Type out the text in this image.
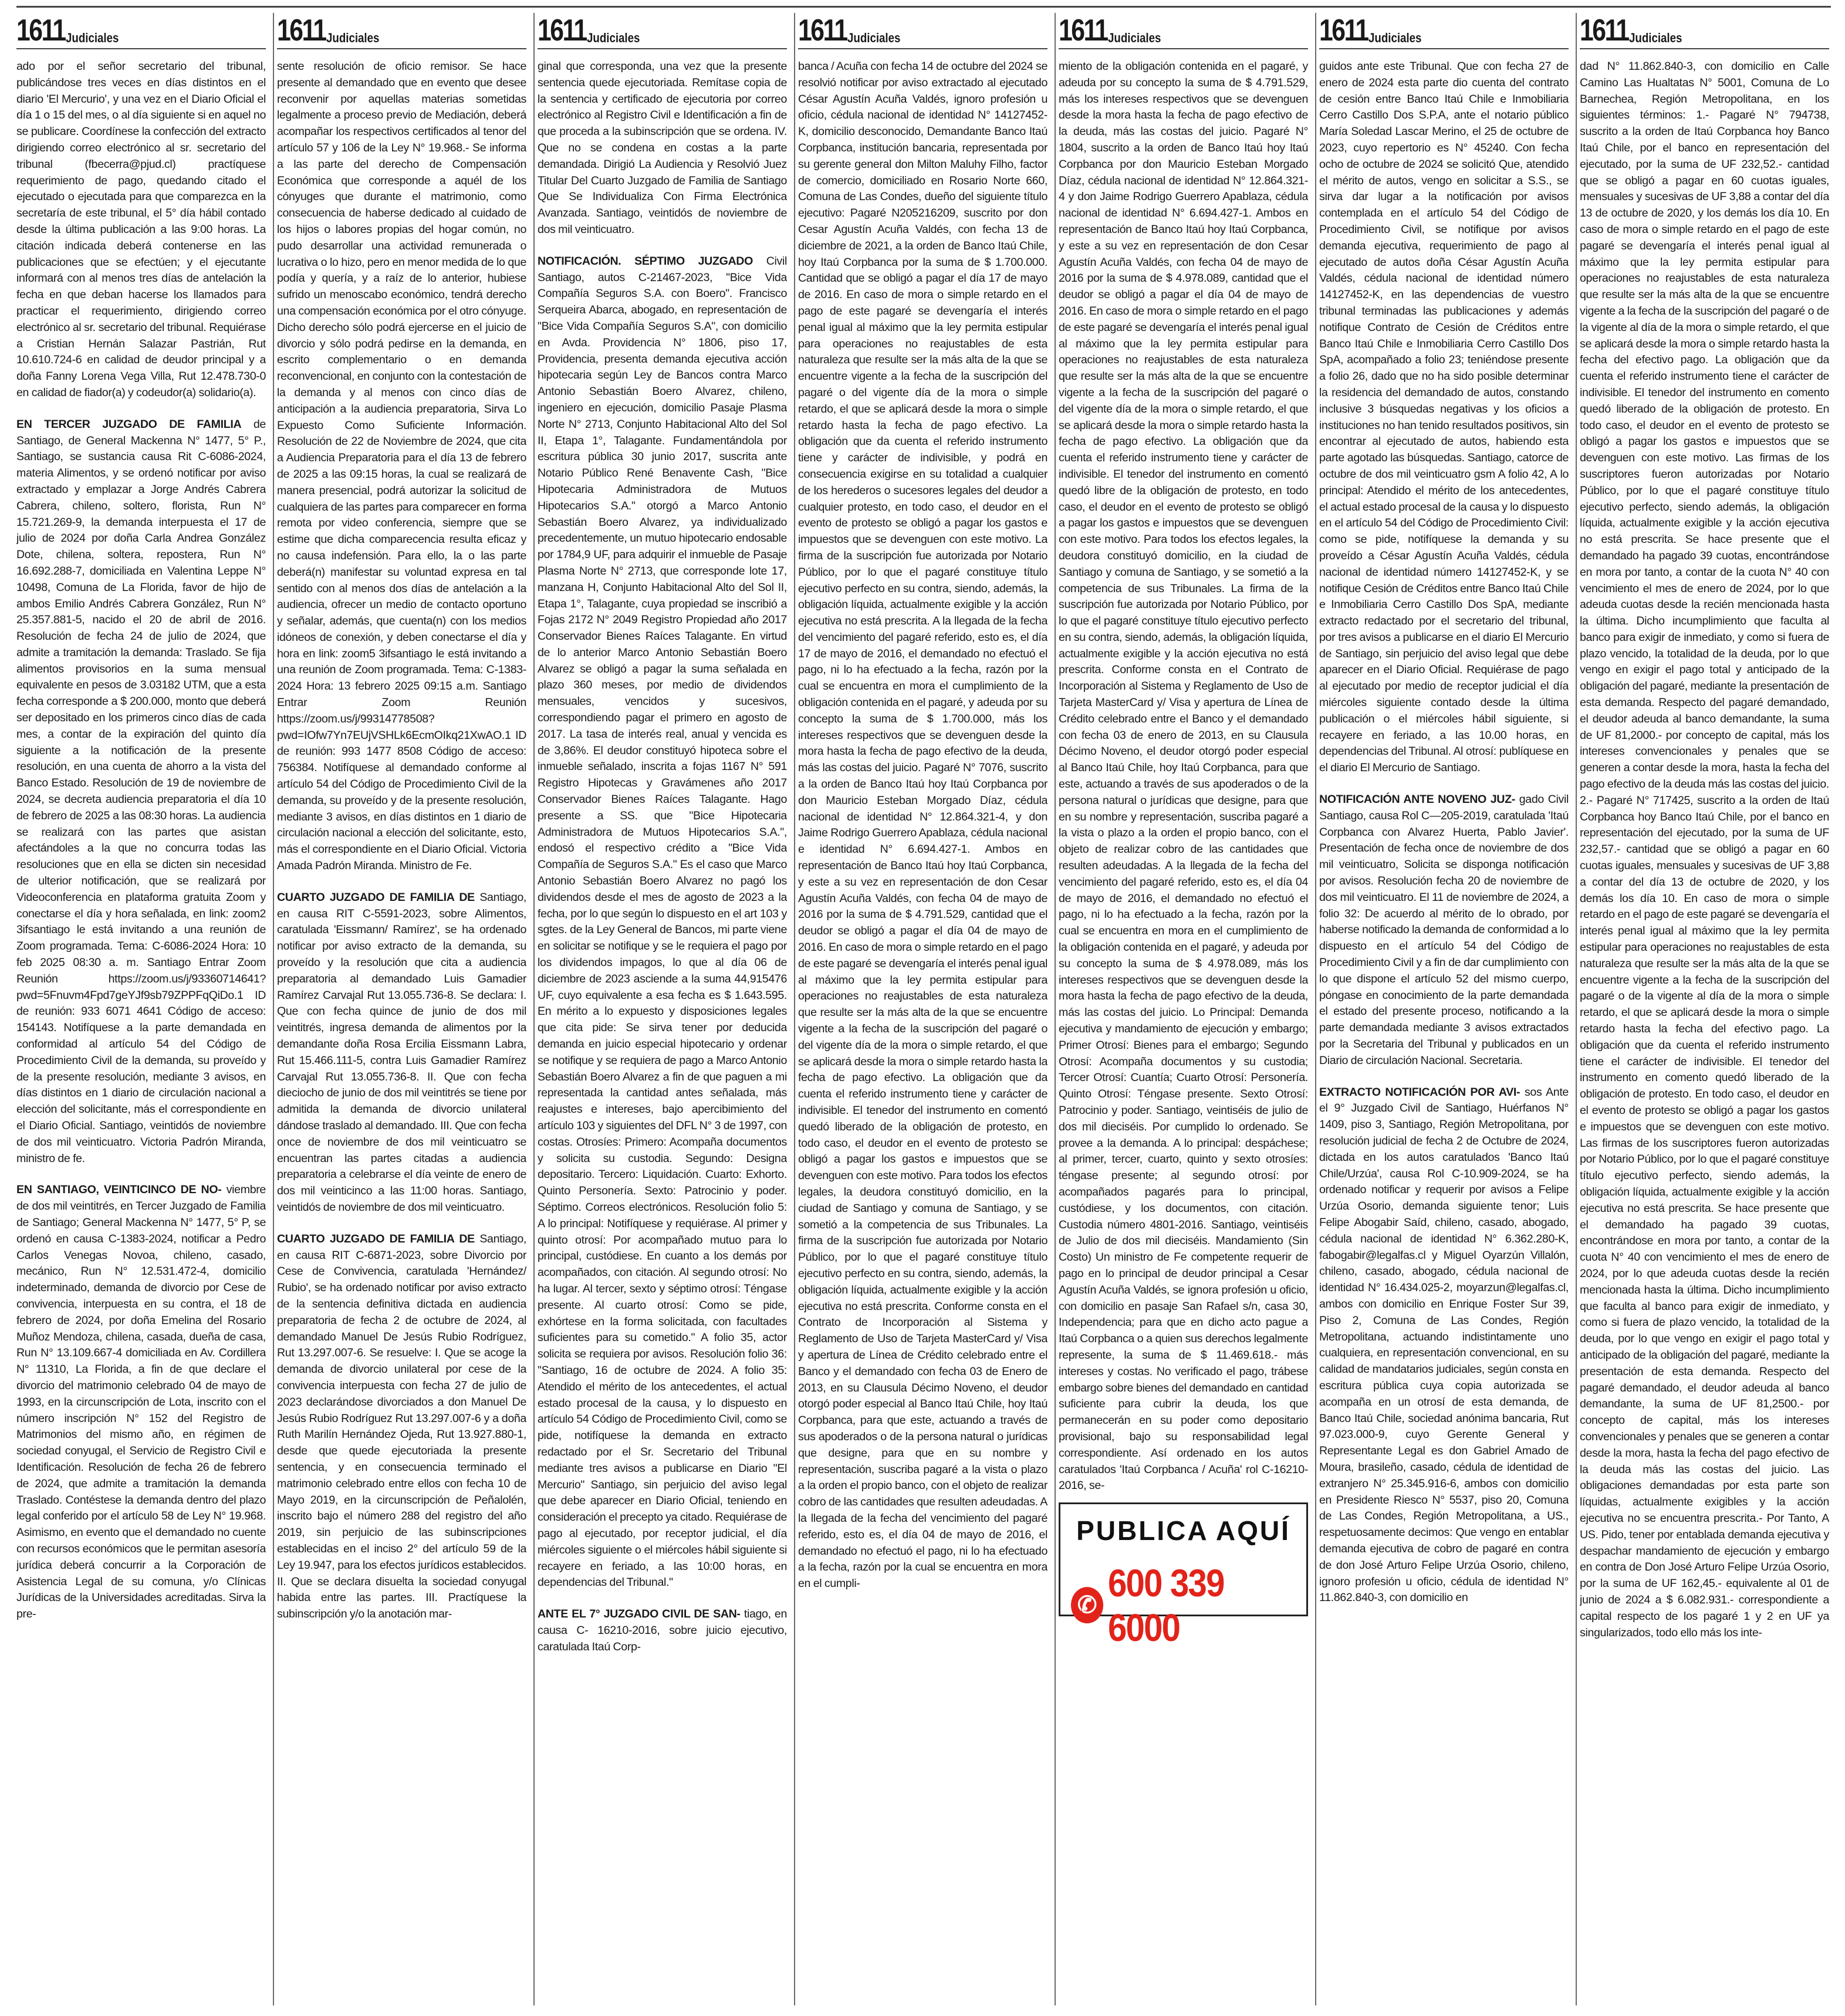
1611 Judiciales

ado por el señor secretario del tribunal, publicándose tres veces en días distintos en el diario 'El Mercurio', y una vez en el Diario Oficial el día 1 o 15 del mes, o al día siguiente si en aquel no se publicare. Coordínese la confección del extracto dirigiendo correo electrónico al sr. secretario del tribunal (fbecerra@pjud.cl) practíquese requerimiento de pago, quedando citado el ejecutado o ejecutada para que comparezca en la secretaría de este tribunal, el 5° día hábil contado desde la última publicación a las 9:00 horas. La citación indicada deberá contenerse en las publicaciones que se efectúen; y el ejecutante informará con al menos tres días de antelación la fecha en que deban hacerse los llamados para practicar el requerimiento, dirigiendo correo electrónico al sr. secretario del tribunal. Requiérase a Cristian Hernán Salazar Pastrián, Rut 10.610.724-6 en calidad de deudor principal y a doña Fanny Lorena Vega Villa, Rut 12.478.730-0 en calidad de fiador(a) y codeudor(a) solidario(a).

EN TERCER JUZGADO DE FAMILIA de Santiago, de General Mackenna N° 1477, 5° P., Santiago, se sustancia causa Rit C-6086-2024, materia Alimentos, y se ordenó notificar por aviso extractado y emplazar a Jorge Andrés Cabrera Cabrera, chileno, soltero, florista, Run N° 15.721.269-9, la demanda interpuesta el 17 de julio de 2024 por doña Carla Andrea González Dote, chilena, soltera, repostera, Run N° 16.692.288-7, domiciliada en Valentina Leppe N° 10498, Comuna de La Florida, favor de hijo de ambos Emilio Andrés Cabrera González, Run N° 25.357.881-5, nacido el 20 de abril de 2016. Resolución de fecha 24 de julio de 2024, que admite a tramitación la demanda: Traslado. Se fija alimentos provisorios en la suma mensual equivalente en pesos de 3.03182 UTM, que a esta fecha corresponde a $ 200.000, monto que deberá ser depositado en los primeros cinco días de cada mes, a contar de la expiración del quinto día siguiente a la notificación de la presente resolución, en una cuenta de ahorro a la vista del Banco Estado. Resolución de 19 de noviembre de 2024, se decreta audiencia preparatoria el día 10 de febrero de 2025 a las 08:30 horas. La audiencia se realizará con las partes que asistan afectándoles a la que no concurra todas las resoluciones que en ella se dicten sin necesidad de ulterior notificación, que se realizará por Videoconferencia en plataforma gratuita Zoom y conectarse el día y hora señalada, en link: zoom2 3ifsantiago le está invitando a una reunión de Zoom programada. Tema: C-6086-2024 Hora: 10 feb 2025 08:30 a. m. Santiago Entrar Zoom Reunión https://zoom.us/j/93360714641?pwd=5Fnuvm4Fpd7geYJf9sb79ZPPFqQiDo.1 ID de reunión: 933 6071 4641 Código de acceso: 154143. Notifíquese a la parte demandada en conformidad al artículo 54 del Código de Procedimiento Civil de la demanda, su proveído y de la presente resolución, mediante 3 avisos, en días distintos en 1 diario de circulación nacional a elección del solicitante, más el correspondiente en el Diario Oficial. Santiago, veintidós de noviembre de dos mil veinticuatro. Victoria Padrón Miranda, ministro de fe.

EN SANTIAGO, VEINTICINCO DE NO- viembre de dos mil veintitrés, en Tercer Juzgado de Familia de Santiago; General Mackenna N° 1477, 5° P, se ordenó en causa C-1383-2024, notificar a Pedro Carlos Venegas Novoa, chileno, casado, mecánico, Run N° 12.531.472-4, domicilio indeterminado, demanda de divorcio por Cese de convivencia, interpuesta en su contra, el 18 de febrero de 2024, por doña Emelina del Rosario Muñoz Mendoza, chilena, casada, dueña de casa, Run N° 13.109.667-4 domiciliada en Av. Cordillera N° 11310, La Florida, a fin de que declare el divorcio del matrimonio celebrado 04 de mayo de 1993, en la circunscripción de Lota, inscrito con el número inscripción N° 152 del Registro de Matrimonios del mismo año, en régimen de sociedad conyugal, el Servicio de Registro Civil e Identificación. Resolución de fecha 26 de febrero de 2024, que admite a tramitación la demanda Traslado. Contéstese la demanda dentro del plazo legal conferido por el artículo 58 de Ley N° 19.968. Asimismo, en evento que el demandado no cuente con recursos económicos que le permitan asesoría jurídica deberá concurrir a la Corporación de Asistencia Legal de su comuna, y/o Clínicas Jurídicas de la Universidades acreditadas. Sirva la pre-

1611 Judiciales

sente resolución de oficio remisor. Se hace presente al demandado que en evento que desee reconvenir por aquellas materias sometidas legalmente a proceso previo de Mediación, deberá acompañar los respectivos certificados al tenor del artículo 57 y 106 de la Ley N° 19.968.- Se informa a las parte del derecho de Compensación Económica que corresponde a aquél de los cónyuges que durante el matrimonio, como consecuencia de haberse dedicado al cuidado de los hijos o labores propias del hogar común, no pudo desarrollar una actividad remunerada o lucrativa o lo hizo, pero en menor medida de lo que podía y quería, y a raíz de lo anterior, hubiese sufrido un menoscabo económico, tendrá derecho una compensación económica por el otro cónyuge. Dicho derecho sólo podrá ejercerse en el juicio de divorcio y sólo podrá pedirse en la demanda, en escrito complementario o en demanda reconvencional, en conjunto con la contestación de la demanda y al menos con cinco días de anticipación a la audiencia preparatoria, Sirva Lo Expuesto Como Suficiente Información. Resolución de 22 de Noviembre de 2024, que cita a Audiencia Preparatoria para el día 13 de febrero de 2025 a las 09:15 horas, la cual se realizará de manera presencial, podrá autorizar la solicitud de cualquiera de las partes para comparecer en forma remota por video conferencia, siempre que se estime que dicha comparecencia resulta eficaz y no causa indefensión. Para ello, la o las parte deberá(n) manifestar su voluntad expresa en tal sentido con al menos dos días de antelación a la audiencia, ofrecer un medio de contacto oportuno y señalar, además, que cuenta(n) con los medios idóneos de conexión, y deben conectarse el día y hora en link: zoom5 3ifsantiago le está invitando a una reunión de Zoom programada. Tema: C-1383-2024 Hora: 13 febrero 2025 09:15 a.m. Santiago Entrar Zoom Reunión https://zoom.us/j/99314778508?pwd=IOfw7Yn7EUjVSHLk6EcmOIkq21XwAO.1 ID de reunión: 993 1477 8508 Código de acceso: 756384. Notifíquese al demandado conforme al artículo 54 del Código de Procedimiento Civil de la demanda, su proveído y de la presente resolución, mediante 3 avisos, en días distintos en 1 diario de circulación nacional a elección del solicitante, esto, más el correspondiente en el Diario Oficial. Victoria Amada Padrón Miranda. Ministro de Fe.

CUARTO JUZGADO DE FAMILIA DE Santiago, en causa RIT C-5591-2023, sobre Alimentos, caratulada 'Eissmann/ Ramírez', se ha ordenado notificar por aviso extracto de la demanda, su proveído y la resolución que cita a audiencia preparatoria al demandado Luis Gamadier Ramírez Carvajal Rut 13.055.736-8. Se declara: I. Que con fecha quince de junio de dos mil veintitrés, ingresa demanda de alimentos por la demandante doña Rosa Ercilia Eissmann Labra, Rut 15.466.111-5, contra Luis Gamadier Ramírez Carvajal Rut 13.055.736-8. II. Que con fecha dieciocho de junio de dos mil veintitrés se tiene por admitida la demanda de divorcio unilateral dándose traslado al demandado. III. Que con fecha once de noviembre de dos mil veinticuatro se encuentran las partes citadas a audiencia preparatoria a celebrarse el día veinte de enero de dos mil veinticinco a las 11:00 horas. Santiago, veintidós de noviembre de dos mil veinticuatro.

CUARTO JUZGADO DE FAMILIA DE Santiago, en causa RIT C-6871-2023, sobre Divorcio por Cese de Convivencia, caratulada 'Hernández/ Rubio', se ha ordenado notificar por aviso extracto de la sentencia definitiva dictada en audiencia preparatoria de fecha 2 de octubre de 2024, al demandado Manuel De Jesús Rubio Rodríguez, Rut 13.297.007-6. Se resuelve: I. Que se acoge la demanda de divorcio unilateral por cese de la convivencia interpuesta con fecha 27 de julio de 2023 declarándose divorciados a don Manuel De Jesús Rubio Rodríguez Rut 13.297.007-6 y a doña Ruth Marilín Hernández Ojeda, Rut 13.927.880-1, desde que quede ejecutoriada la presente sentencia, y en consecuencia terminado el matrimonio celebrado entre ellos con fecha 10 de Mayo 2019, en la circunscripción de Peñalolén, inscrito bajo el número 288 del registro del año 2019, sin perjuicio de las subinscripciones establecidas en el inciso 2° del artículo 59 de la Ley 19.947, para los efectos jurídicos establecidos. II. Que se declara disuelta la sociedad conyugal habida entre las partes. III. Practíquese la subinscripción y/o la anotación mar-

1611 Judiciales

ginal que corresponda, una vez que la presente sentencia quede ejecutoriada. Remítase copia de la sentencia y certificado de ejecutoria por correo electrónico al Registro Civil e Identificación a fin de que proceda a la subinscripción que se ordena. IV. Que no se condena en costas a la parte demandada. Dirigió La Audiencia y Resolvió Juez Titular Del Cuarto Juzgado de Familia de Santiago Que Se Individualiza Con Firma Electrónica Avanzada. Santiago, veintidós de noviembre de dos mil veinticuatro.

NOTIFICACIÓN. SÉPTIMO JUZGADO Civil Santiago, autos C-21467-2023, "Bice Vida Compañía Seguros S.A. con Boero". Francisco Serqueira Abarca, abogado, en representación de "Bice Vida Compañía Seguros S.A", con domicilio en Avda. Providencia N° 1806, piso 17, Providencia, presenta demanda ejecutiva acción hipotecaria según Ley de Bancos contra Marco Antonio Sebastián Boero Alvarez, chileno, ingeniero en ejecución, domicilio Pasaje Plasma Norte N° 2713, Conjunto Habitacional Alto del Sol II, Etapa 1°, Talagante. Fundamentándola por escritura pública 30 junio 2017, suscrita ante Notario Público René Benavente Cash, "Bice Hipotecaria Administradora de Mutuos Hipotecarios S.A." otorgó a Marco Antonio Sebastián Boero Alvarez, ya individualizado precedentemente, un mutuo hipotecario endosable por 1784,9 UF, para adquirir el inmueble de Pasaje Plasma Norte N° 2713, que corresponde lote 17, manzana H, Conjunto Habitacional Alto del Sol II, Etapa 1°, Talagante, cuya propiedad se inscribió a Fojas 2172 N° 2049 Registro Propiedad año 2017 Conservador Bienes Raíces Talagante. En virtud de lo anterior Marco Antonio Sebastián Boero Alvarez se obligó a pagar la suma señalada en plazo 360 meses, por medio de dividendos mensuales, vencidos y sucesivos, correspondiendo pagar el primero en agosto de 2017. La tasa de interés real, anual y vencida es de 3,86%. El deudor constituyó hipoteca sobre el inmueble señalado, inscrita a fojas 1167 N° 591 Registro Hipotecas y Gravámenes año 2017 Conservador Bienes Raíces Talagante. Hago presente a SS. que "Bice Hipotecaria Administradora de Mutuos Hipotecarios S.A.", endosó el respectivo crédito a "Bice Vida Compañía de Seguros S.A." Es el caso que Marco Antonio Sebastián Boero Alvarez no pagó los dividendos desde el mes de agosto de 2023 a la fecha, por lo que según lo dispuesto en el art 103 y sgtes. de la Ley General de Bancos, mi parte viene en solicitar se notifique y se le requiera el pago por los dividendos impagos, lo que al día 06 de diciembre de 2023 asciende a la suma 44,915476 UF, cuyo equivalente a esa fecha es $ 1.643.595. En mérito a lo expuesto y disposiciones legales que cita pide: Se sirva tener por deducida demanda en juicio especial hipotecario y ordenar se notifique y se requiera de pago a Marco Antonio Sebastián Boero Alvarez a fin de que paguen a mi representada la cantidad antes señalada, más reajustes e intereses, bajo apercibimiento del artículo 103 y siguientes del DFL N° 3 de 1997, con costas. Otrosíes: Primero: Acompaña documentos y solicita su custodia. Segundo: Designa depositario. Tercero: Liquidación. Cuarto: Exhorto. Quinto Personería. Sexto: Patrocinio y poder. Séptimo. Correos electrónicos. Resolución folio 5: A lo principal: Notifíquese y requiérase. Al primer y quinto otrosí: Por acompañado mutuo para lo principal, custódiese. En cuanto a los demás por acompañados, con citación. Al segundo otrosí: No ha lugar. Al tercer, sexto y séptimo otrosí: Téngase presente. Al cuarto otrosí: Como se pide, exhórtese en la forma solicitada, con facultades suficientes para su cometido." A folio 35, actor solicita se requiera por avisos. Resolución folio 36: "Santiago, 16 de octubre de 2024. A folio 35: Atendido el mérito de los antecedentes, el actual estado procesal de la causa, y lo dispuesto en artículo 54 Código de Procedimiento Civil, como se pide, notifíquese la demanda en extracto redactado por el Sr. Secretario del Tribunal mediante tres avisos a publicarse en Diario "El Mercurio" Santiago, sin perjuicio del aviso legal que debe aparecer en Diario Oficial, teniendo en consideración el precepto ya citado. Requiérase de pago al ejecutado, por receptor judicial, el día miércoles siguiente o el miércoles hábil siguiente si recayere en feriado, a las 10:00 horas, en dependencias del Tribunal."

ANTE EL 7° JUZGADO CIVIL DE SAN- tiago, en causa C- 16210-2016, sobre juicio ejecutivo, caratulada Itaú Corp-

1611 Judiciales

banca / Acuña con fecha 14 de octubre del 2024 se resolvió notificar por aviso extractado al ejecutado César Agustín Acuña Valdés, ignoro profesión u oficio, cédula nacional de identidad N° 14127452-K, domicilio desconocido, Demandante Banco Itaú Corpbanca, institución bancaria, representada por su gerente general don Milton Maluhy Filho, factor de comercio, domiciliado en Rosario Norte 660, Comuna de Las Condes, dueño del siguiente título ejecutivo: Pagaré N205216209, suscrito por don Cesar Agustín Acuña Valdés, con fecha 13 de diciembre de 2021, a la orden de Banco Itaú Chile, hoy Itaú Corpbanca por la suma de $ 1.700.000. Cantidad que se obligó a pagar el día 17 de mayo de 2016. En caso de mora o simple retardo en el pago de este pagaré se devengaría el interés penal igual al máximo que la ley permita estipular para operaciones no reajustables de esta naturaleza que resulte ser la más alta de la que se encuentre vigente a la fecha de la suscripción del pagaré o del vigente día de la mora o simple retardo, el que se aplicará desde la mora o simple retardo hasta la fecha de pago efectivo. La obligación que da cuenta el referido instrumento tiene y carácter de indivisible, y podrá en consecuencia exigirse en su totalidad a cualquier de los herederos o sucesores legales del deudor a cualquier protesto, en todo caso, el deudor en el evento de protesto se obligó a pagar los gastos e impuestos que se devenguen con este motivo. La firma de la suscripción fue autorizada por Notario Público, por lo que el pagaré constituye título ejecutivo perfecto en su contra, siendo, además, la obligación líquida, actualmente exigible y la acción ejecutiva no está prescrita. A la llegada de la fecha del vencimiento del pagaré referido, esto es, el día 17 de mayo de 2016, el demandado no efectuó el pago, ni lo ha efectuado a la fecha, razón por la cual se encuentra en mora el cumplimiento de la obligación contenida en el pagaré, y adeuda por su concepto la suma de $ 1.700.000, más los intereses respectivos que se devenguen desde la mora hasta la fecha de pago efectivo de la deuda, más las costas del juicio. Pagaré N° 7076, suscrito a la orden de Banco Itaú hoy Itaú Corpbanca por don Mauricio Esteban Morgado Díaz, cédula nacional de identidad N° 12.864.321-4, y don Jaime Rodrigo Guerrero Apablaza, cédula nacional e identidad N° 6.694.427-1. Ambos en representación de Banco Itaú hoy Itaú Corpbanca, y este a su vez en representación de don Cesar Agustín Acuña Valdés, con fecha 04 de mayo de 2016 por la suma de $ 4.791.529, cantidad que el deudor se obligó a pagar el día 04 de mayo de 2016. En caso de mora o simple retardo en el pago de este pagaré se devengaría el interés penal igual al máximo que la ley permita estipular para operaciones no reajustables de esta naturaleza que resulte ser la más alta de la que se encuentre vigente a la fecha de la suscripción del pagaré o del vigente día de la mora o simple retardo, el que se aplicará desde la mora o simple retardo hasta la fecha de pago efectivo. La obligación que da cuenta el referido instrumento tiene y carácter de indivisible. El tenedor del instrumento en comentó quedó liberado de la obligación de protesto, en todo caso, el deudor en el evento de protesto se obligó a pagar los gastos e impuestos que se devenguen con este motivo. Para todos los efectos legales, la deudora constituyó domicilio, en la ciudad de Santiago y comuna de Santiago, y se sometió a la competencia de sus Tribunales. La firma de la suscripción fue autorizada por Notario Público, por lo que el pagaré constituye título ejecutivo perfecto en su contra, siendo, además, la obligación líquida, actualmente exigible y la acción ejecutiva no está prescrita. Conforme consta en el Contrato de Incorporación al Sistema y Reglamento de Uso de Tarjeta MasterCard y/ Visa y apertura de Línea de Crédito celebrado entre el Banco y el demandado con fecha 03 de Enero de 2013, en su Clausula Décimo Noveno, el deudor otorgó poder especial al Banco Itaú Chile, hoy Itaú Corpbanca, para que este, actuando a través de sus apoderados o de la persona natural o jurídicas que designe, para que en su nombre y representación, suscriba pagaré a la vista o plazo a la orden el propio banco, con el objeto de realizar cobro de las cantidades que resulten adeudadas. A la llegada de la fecha del vencimiento del pagaré referido, esto es, el día 04 de mayo de 2016, el demandado no efectuó el pago, ni lo ha efectuado a la fecha, razón por la cual se encuentra en mora en el cumpli-

1611 Judiciales

miento de la obligación contenida en el pagaré, y adeuda por su concepto la suma de $ 4.791.529, más los intereses respectivos que se devenguen desde la mora hasta la fecha de pago efectivo de la deuda, más las costas del juicio. Pagaré N° 1804, suscrito a la orden de Banco Itaú hoy Itaú Corpbanca por don Mauricio Esteban Morgado Díaz, cédula nacional de identidad N° 12.864.321-4 y don Jaime Rodrigo Guerrero Apablaza, cédula nacional de identidad N° 6.694.427-1. Ambos en representación de Banco Itaú hoy Itaú Corpbanca, y este a su vez en representación de don Cesar Agustín Acuña Valdés, con fecha 04 de mayo de 2016 por la suma de $ 4.978.089, cantidad que el deudor se obligó a pagar el día 04 de mayo de 2016. En caso de mora o simple retardo en el pago de este pagaré se devengaría el interés penal igual al máximo que la ley permita estipular para operaciones no reajustables de esta naturaleza que resulte ser la más alta de la que se encuentre vigente a la fecha de la suscripción del pagaré o del vigente día de la mora o simple retardo, el que se aplicará desde la mora o simple retardo hasta la fecha de pago efectivo. La obligación que da cuenta el referido instrumento tiene y carácter de indivisible. El tenedor del instrumento en comentó quedó libre de la obligación de protesto, en todo caso, el deudor en el evento de protesto se obligó a pagar los gastos e impuestos que se devenguen con este motivo. Para todos los efectos legales, la deudora constituyó domicilio, en la ciudad de Santiago y comuna de Santiago, y se sometió a la competencia de sus Tribunales. La firma de la suscripción fue autorizada por Notario Público, por lo que el pagaré constituye título ejecutivo perfecto en su contra, siendo, además, la obligación líquida, actualmente exigible y la acción ejecutiva no está prescrita. Conforme consta en el Contrato de Incorporación al Sistema y Reglamento de Uso de Tarjeta MasterCard y/ Visa y apertura de Línea de Crédito celebrado entre el Banco y el demandado con fecha 03 de enero de 2013, en su Clausula Décimo Noveno, el deudor otorgó poder especial al Banco Itaú Chile, hoy Itaú Corpbanca, para que este, actuando a través de sus apoderados o de la persona natural o jurídicas que designe, para que en su nombre y representación, suscriba pagaré a la vista o plazo a la orden el propio banco, con el objeto de realizar cobro de las cantidades que resulten adeudadas. A la llegada de la fecha del vencimiento del pagaré referido, esto es, el día 04 de mayo de 2016, el demandado no efectuó el pago, ni lo ha efectuado a la fecha, razón por la cual se encuentra en mora en el cumplimiento de la obligación contenida en el pagaré, y adeuda por su concepto la suma de $ 4.978.089, más los intereses respectivos que se devenguen desde la mora hasta la fecha de pago efectivo de la deuda, más las costas del juicio. Lo Principal: Demanda ejecutiva y mandamiento de ejecución y embargo; Primer Otrosí: Bienes para el embargo; Segundo Otrosí: Acompaña documentos y su custodia; Tercer Otrosí: Cuantía; Cuarto Otrosí: Personería. Quinto Otrosí: Téngase presente. Sexto Otrosí: Patrocinio y poder. Santiago, veintiséis de julio de dos mil dieciséis. Por cumplido lo ordenado. Se provee a la demanda. A lo principal: despáchese; al primer, tercer, cuarto, quinto y sexto otrosíes: téngase presente; al segundo otrosí: por acompañados pagarés para lo principal, custódiese, y los documentos, con citación. Custodia número 4801-2016. Santiago, veintiséis de Julio de dos mil dieciséis. Mandamiento (Sin Costo) Un ministro de Fe competente requerir de pago en lo principal de deudor principal a Cesar Agustín Acuña Valdés, se ignora profesión u oficio, con domicilio en pasaje San Rafael s/n, casa 30, Independencia; para que en dicho acto pague a Itaú Corpbanca o a quien sus derechos legalmente represente, la suma de $ 11.469.618.- más intereses y costas. No verificado el pago, trábese embargo sobre bienes del demandado en cantidad suficiente para cubrir la deuda, los que permanecerán en su poder como depositario provisional, bajo su responsabilidad legal correspondiente. Así ordenado en los autos caratulados 'Itaú Corpbanca / Acuña' rol C-16210-2016, se-

PUBLICA AQUÍ
✆
600 339 6000
1611 Judiciales

guidos ante este Tribunal. Que con fecha 27 de enero de 2024 esta parte dio cuenta del contrato de cesión entre Banco Itaú Chile e Inmobiliaria Cerro Castillo Dos S.P.A, ante el notario público María Soledad Lascar Merino, el 25 de octubre de 2023, cuyo repertorio es N° 45240. Con fecha ocho de octubre de 2024 se solicitó Que, atendido el mérito de autos, vengo en solicitar a S.S., se sirva dar lugar a la notificación por avisos contemplada en el artículo 54 del Código de Procedimiento Civil, se notifique por avisos demanda ejecutiva, requerimiento de pago al ejecutado de autos doña César Agustín Acuña Valdés, cédula nacional de identidad número 14127452-K, en las dependencias de vuestro tribunal terminadas las publicaciones y además notifique Contrato de Cesión de Créditos entre Banco Itaú Chile e Inmobiliaria Cerro Castillo Dos SpA, acompañado a folio 23; teniéndose presente a folio 26, dado que no ha sido posible determinar la residencia del demandado de autos, constando inclusive 3 búsquedas negativas y los oficios a instituciones no han tenido resultados positivos, sin encontrar al ejecutado de autos, habiendo esta parte agotado las búsquedas. Santiago, catorce de octubre de dos mil veinticuatro gsm A folio 42, A lo principal: Atendido el mérito de los antecedentes, el actual estado procesal de la causa y lo dispuesto en el artículo 54 del Código de Procedimiento Civil: como se pide, notifíquese la demanda y su proveído a César Agustín Acuña Valdés, cédula nacional de identidad número 14127452-K, y se notifique Cesión de Créditos entre Banco Itaú Chile e Inmobiliaria Cerro Castillo Dos SpA, mediante extracto redactado por el secretario del tribunal, por tres avisos a publicarse en el diario El Mercurio de Santiago, sin perjuicio del aviso legal que debe aparecer en el Diario Oficial. Requiérase de pago al ejecutado por medio de receptor judicial el día miércoles siguiente contado desde la última publicación o el miércoles hábil siguiente, si recayere en feriado, a las 10.00 horas, en dependencias del Tribunal. Al otrosí: publíquese en el diario El Mercurio de Santiago.

NOTIFICACIÓN ANTE NOVENO JUZ- gado Civil Santiago, causa Rol C—205-2019, caratulada 'Itaú Corpbanca con Alvarez Huerta, Pablo Javier'. Presentación de fecha once de noviembre de dos mil veinticuatro, Solicita se disponga notificación por avisos. Resolución fecha 20 de noviembre de dos mil veinticuatro. El 11 de noviembre de 2024, a folio 32: De acuerdo al mérito de lo obrado, por haberse notificado la demanda de conformidad a lo dispuesto en el artículo 54 del Código de Procedimiento Civil y a fin de dar cumplimiento con lo que dispone el artículo 52 del mismo cuerpo, póngase en conocimiento de la parte demandada el estado del presente proceso, notificando a la parte demandada mediante 3 avisos extractados por la Secretaria del Tribunal y publicados en un Diario de circulación Nacional. Secretaria.

EXTRACTO NOTIFICACIÓN POR AVI- sos Ante el 9° Juzgado Civil de Santiago, Huérfanos N° 1409, piso 3, Santiago, Región Metropolitana, por resolución judicial de fecha 2 de Octubre de 2024, dictada en los autos caratulados 'Banco Itaú Chile/Urzúa', causa Rol C-10.909-2024, se ha ordenado notificar y requerir por avisos a Felipe Urzúa Osorio, demanda siguiente tenor; Luis Felipe Abogabir Saíd, chileno, casado, abogado, cédula nacional de identidad N° 6.362.280-K, fabogabir@legalfas.cl y Miguel Oyarzún Villalón, chileno, casado, abogado, cédula nacional de identidad N° 16.434.025-2, moyarzun@legalfas.cl, ambos con domicilio en Enrique Foster Sur 39, Piso 2, Comuna de Las Condes, Región Metropolitana, actuando indistintamente uno cualquiera, en representación convencional, en su calidad de mandatarios judiciales, según consta en escritura pública cuya copia autorizada se acompaña en un otrosí de esta demanda, de Banco Itaú Chile, sociedad anónima bancaria, Rut 97.023.000-9, cuyo Gerente General y Representante Legal es don Gabriel Amado de Moura, brasileño, casado, cédula de identidad de extranjero N° 25.345.916-6, ambos con domicilio en Presidente Riesco N° 5537, piso 20, Comuna de Las Condes, Región Metropolitana, a US., respetuosamente decimos: Que vengo en entablar demanda ejecutiva de cobro de pagaré en contra de don José Arturo Felipe Urzúa Osorio, chileno, ignoro profesión u oficio, cédula de identidad N° 11.862.840-3, con domicilio en

1611 Judiciales

dad N° 11.862.840-3, con domicilio en Calle Camino Las Hualtatas N° 5001, Comuna de Lo Barnechea, Región Metropolitana, en los siguientes términos: 1.- Pagaré N° 794738, suscrito a la orden de Itaú Corpbanca hoy Banco Itaú Chile, por el banco en representación del ejecutado, por la suma de UF 232,52.- cantidad que se obligó a pagar en 60 cuotas iguales, mensuales y sucesivas de UF 3,88 a contar del día 13 de octubre de 2020, y los demás los día 10. En caso de mora o simple retardo en el pago de este pagaré se devengaría el interés penal igual al máximo que la ley permita estipular para operaciones no reajustables de esta naturaleza que resulte ser la más alta de la que se encuentre vigente a la fecha de la suscripción del pagaré o de la vigente al día de la mora o simple retardo, el que se aplicará desde la mora o simple retardo hasta la fecha del efectivo pago. La obligación que da cuenta el referido instrumento tiene el carácter de indivisible. El tenedor del instrumento en comento quedó liberado de la obligación de protesto. En todo caso, el deudor en el evento de protesto se obligó a pagar los gastos e impuestos que se devenguen con este motivo. Las firmas de los suscriptores fueron autorizadas por Notario Público, por lo que el pagaré constituye título ejecutivo perfecto, siendo además, la obligación líquida, actualmente exigible y la acción ejecutiva no está prescrita. Se hace presente que el demandado ha pagado 39 cuotas, encontrándose en mora por tanto, a contar de la cuota N° 40 con vencimiento el mes de enero de 2024, por lo que adeuda cuotas desde la recién mencionada hasta la última. Dicho incumplimiento que faculta al banco para exigir de inmediato, y como si fuera de plazo vencido, la totalidad de la deuda, por lo que vengo en exigir el pago total y anticipado de la obligación del pagaré, mediante la presentación de esta demanda. Respecto del pagaré demandado, el deudor adeuda al banco demandante, la suma de UF 81,2000.- por concepto de capital, más los intereses convencionales y penales que se generen a contar desde la mora, hasta la fecha del pago efectivo de la deuda más las costas del juicio. 2.- Pagaré N° 717425, suscrito a la orden de Itaú Corpbanca hoy Banco Itaú Chile, por el banco en representación del ejecutado, por la suma de UF 232,57.- cantidad que se obligó a pagar en 60 cuotas iguales, mensuales y sucesivas de UF 3,88 a contar del día 13 de octubre de 2020, y los demás los día 10. En caso de mora o simple retardo en el pago de este pagaré se devengaría el interés penal igual al máximo que la ley permita estipular para operaciones no reajustables de esta naturaleza que resulte ser la más alta de la que se encuentre vigente a la fecha de la suscripción del pagaré o de la vigente al día de la mora o simple retardo, el que se aplicará desde la mora o simple retardo hasta la fecha del efectivo pago. La obligación que da cuenta el referido instrumento tiene el carácter de indivisible. El tenedor del instrumento en comento quedó liberado de la obligación de protesto. En todo caso, el deudor en el evento de protesto se obligó a pagar los gastos e impuestos que se devenguen con este motivo. Las firmas de los suscriptores fueron autorizadas por Notario Público, por lo que el pagaré constituye título ejecutivo perfecto, siendo además, la obligación líquida, actualmente exigible y la acción ejecutiva no está prescrita. Se hace presente que el demandado ha pagado 39 cuotas, encontrándose en mora por tanto, a contar de la cuota N° 40 con vencimiento el mes de enero de 2024, por lo que adeuda cuotas desde la recién mencionada hasta la última. Dicho incumplimiento que faculta al banco para exigir de inmediato, y como si fuera de plazo vencido, la totalidad de la deuda, por lo que vengo en exigir el pago total y anticipado de la obligación del pagaré, mediante la presentación de esta demanda. Respecto del pagaré demandado, el deudor adeuda al banco demandante, la suma de UF 81,2500.- por concepto de capital, más los intereses convencionales y penales que se generen a contar desde la mora, hasta la fecha del pago efectivo de la deuda más las costas del juicio. Las obligaciones demandadas por esta parte son líquidas, actualmente exigibles y la acción ejecutiva no se encuentra prescrita.- Por Tanto, A US. Pido, tener por entablada demanda ejecutiva y despachar mandamiento de ejecución y embargo en contra de Don José Arturo Felipe Urzúa Osorio, por la suma de UF 162,45.- equivalente al 01 de junio de 2024 a $ 6.082.931.- correspondiente a capital respecto de los pagaré 1 y 2 en UF ya singularizados, todo ello más los inte-
